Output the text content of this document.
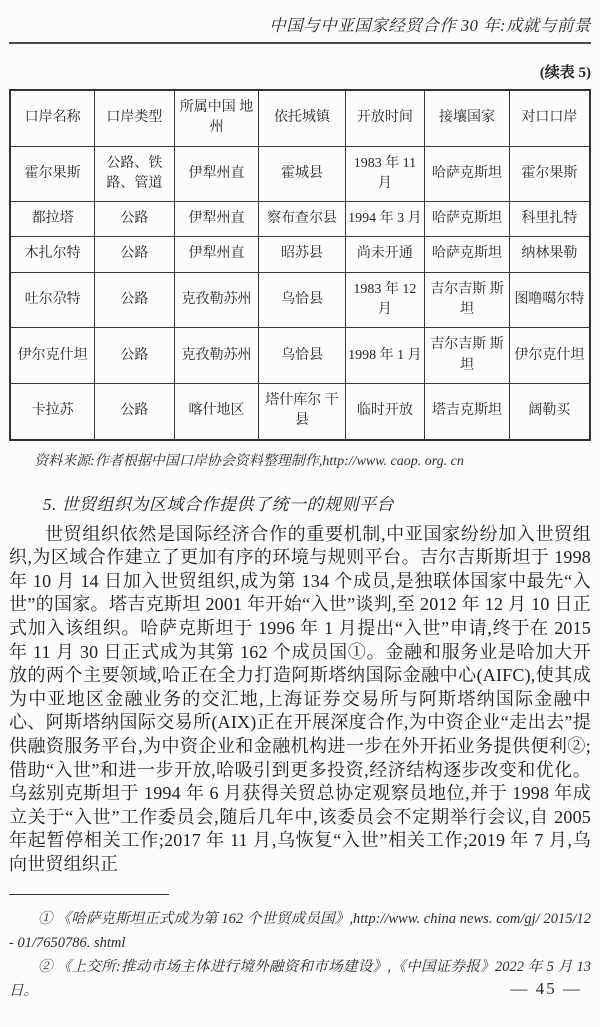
中国与中亚国家经贸合作 30 年:成就与前景
(续表 5)
口岸名称	口岸类型	所属中国 地州	依托城镇	开放时间	接壤国家	对口口岸
霍尔果斯	公路、铁路、管道	伊犁州直	霍城县	1983 年 11 月	哈萨克斯坦	霍尔果斯
都拉塔	公路	伊犁州直	察布查尔县	1994 年 3 月	哈萨克斯坦	科里扎特
木扎尔特	公路	伊犁州直	昭苏县	尚未开通	哈萨克斯坦	纳林果勒
吐尔尕特	公路	克孜勒苏州	乌恰县	1983 年 12 月	吉尔吉斯 斯坦	图噜噶尔特
伊尔克什坦	公路	克孜勒苏州	乌恰县	1998 年 1 月	吉尔吉斯 斯坦	伊尔克什坦
卡拉苏	公路	喀什地区	塔什库尔 干县	临时开放	塔吉克斯坦	阔勒买
资料来源:作者根据中国口岸协会资料整理制作,http://www. caop. org. cn
5. 世贸组织为区域合作提供了统一的规则平台
世贸组织依然是国际经济合作的重要机制,中亚国家纷纷加入世贸组织,为区域合作建立了更加有序的环境与规则平台。吉尔吉斯斯坦于 1998 年 10 月 14 日加入世贸组织,成为第 134 个成员,是独联体国家中最先“入世”的国家。塔吉克斯坦 2001 年开始“入世”谈判,至 2012 年 12 月 10 日正式加入该组织。哈萨克斯坦于 1996 年 1 月提出“入世”申请,终于在 2015 年 11 月 30 日正式成为其第 162 个成员国①。金融和服务业是哈加大开放的两个主要领域,哈正在全力打造阿斯塔纳国际金融中心(AIFC),使其成为中亚地区金融业务的交汇地,上海证券交易所与阿斯塔纳国际金融中心、阿斯塔纳国际交易所(AIX)正在开展深度合作,为中资企业“走出去”提供融资服务平台,为中资企业和金融机构进一步在外开拓业务提供便利②;借助“入世”和进一步开放,哈吸引到更多投资,经济结构逐步改变和优化。乌兹别克斯坦于 1994 年 6 月获得关贸总协定观察员地位,并于 1998 年成立关于“入世”工作委员会,随后几年中,该委员会不定期举行会议,自 2005 年起暂停相关工作;2017 年 11 月,乌恢复“入世”相关工作;2019 年 7 月,乌向世贸组织正
① 《哈萨克斯坦正式成为第 162 个世贸成员国》,http://www. china news. com/gj/ 2015/12 - 01/7650786. shtml
② 《上交所:推动市场主体进行境外融资和市场建设》,《中国证券报》2022 年 5 月 13 日。	— 45 —
